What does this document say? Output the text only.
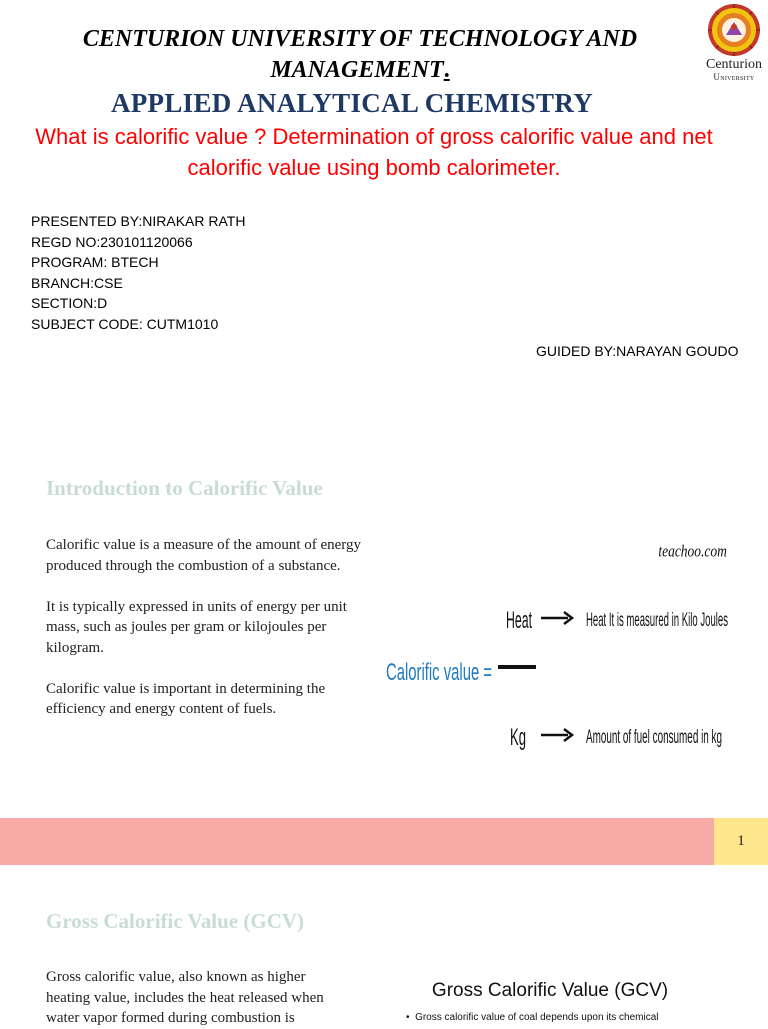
CENTURION UNIVERSITY OF TECHNOLOGY AND MANAGEMENT.
APPLIED ANALYTICAL CHEMISTRY
What is calorific value ? Determination of gross calorific value and net calorific value using bomb calorimeter.
Centurion
University
PRESENTED BY:NIRAKAR RATH
REGD NO:230101120066
PROGRAM: BTECH
BRANCH:CSE
SECTION:D
SUBJECT CODE: CUTM1010
GUIDED BY:NARAYAN GOUDO
Introduction to Calorific Value

Calorific value is a measure of the amount of energy produced through the combustion of a substance.

It is typically expressed in units of energy per unit mass, such as joules per gram or kilojoules per kilogram.

Calorific value is important in determining the efficiency and energy content of fuels.

teachoo.com
Calorific value =
Heat	Heat It is measured in Kilo Joules
Kg	Amount of fuel consumed in kg
1
Gross Calorific Value (GCV)
Gross calorific value, also known as higher
heating value, includes the heat released when
water vapor formed during combustion is
Gross Calorific Value (GCV)
•  Gross calorific value of coal depends upon its chemical
